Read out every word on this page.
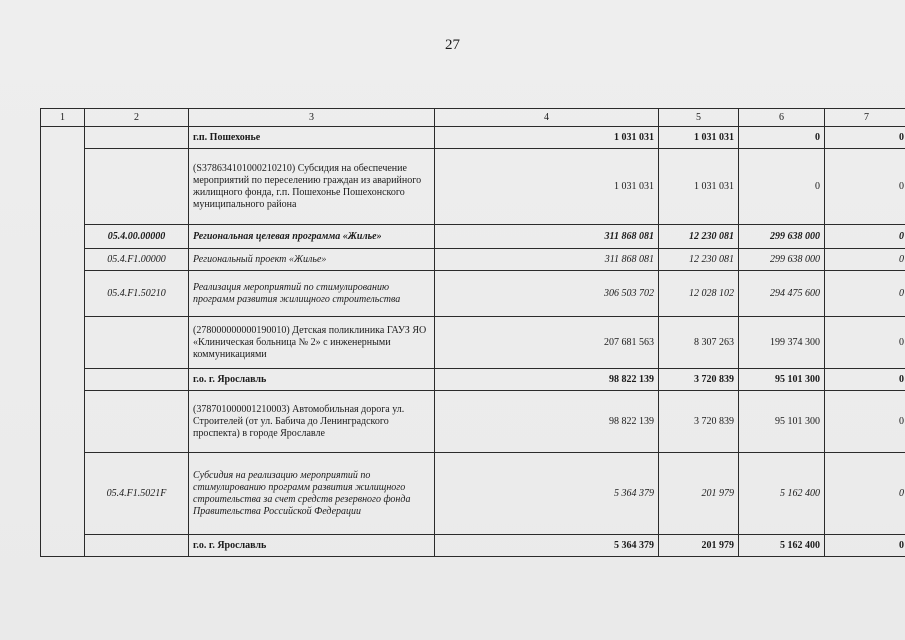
27
1	2	3	4	5	6	7
		г.п. Пошехонье	1 031 031	1 031 031	0	0
		(S378634101000210210) Субсидия на обеспечение мероприятий по переселению граждан из аварийного жилищного фонда, г.п. Пошехонье Пошехонского муниципального района	1 031 031	1 031 031	0	0
	05.4.00.00000	Региональная целевая программа «Жилье»	311 868 081	12 230 081	299 638 000	0
	05.4.F1.00000	Региональный проект «Жилье»	311 868 081	12 230 081	299 638 000	0
	05.4.F1.50210	Реализация мероприятий по стимулированию программ развития жилищного строительства	306 503 702	12 028 102	294 475 600	0
		(278000000000190010) Детская поликлиника ГАУЗ ЯО «Клиническая больница № 2» с инженерными коммуникациями	207 681 563	8 307 263	199 374 300	0
		г.о. г. Ярославль	98 822 139	3 720 839	95 101 300	0
		(378701000001210003) Автомобильная дорога ул. Строителей (от ул. Бабича до Ленинградского проспекта) в городе Ярославле	98 822 139	3 720 839	95 101 300	0
	05.4.F1.5021F	Субсидия на реализацию мероприятий по стимулированию программ развития жилищного строительства за счет средств резервного фонда Правительства Российской Федерации	5 364 379	201 979	5 162 400	0
		г.о. г. Ярославль	5 364 379	201 979	5 162 400	0
